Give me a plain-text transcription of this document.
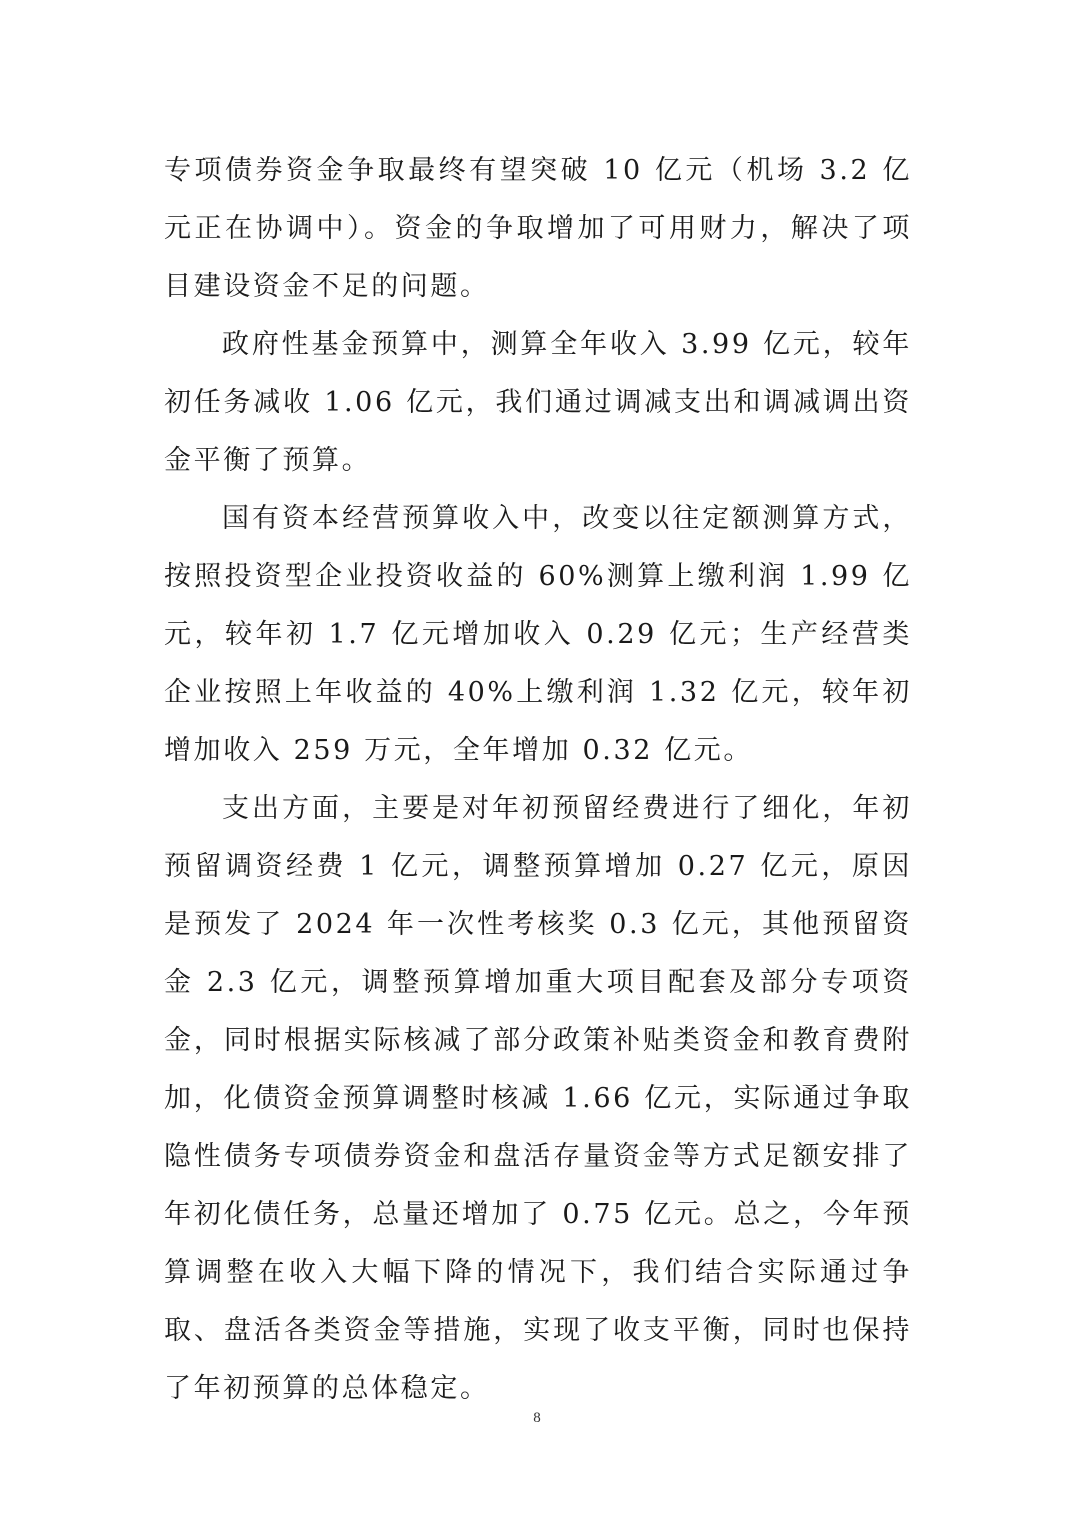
专项债券资金争取最终有望突破 10 亿元（机场 3.2 亿元正在协调中）。资金的争取增加了可用财力，解决了项目建设资金不足的问题。

政府性基金预算中，测算全年收入 3.99 亿元，较年初任务减收 1.06 亿元，我们通过调减支出和调减调出资金平衡了预算。

国有资本经营预算收入中，改变以往定额测算方式，按照投资型企业投资收益的 60%测算上缴利润 1.99 亿元，较年初 1.7 亿元增加收入 0.29 亿元；生产经营类企业按照上年收益的 40%上缴利润 1.32 亿元，较年初增加收入 259 万元，全年增加 0.32 亿元。

支出方面，主要是对年初预留经费进行了细化，年初预留调资经费 1 亿元，调整预算增加 0.27 亿元，原因是预发了 2024 年一次性考核奖 0.3 亿元，其他预留资金 2.3 亿元，调整预算增加重大项目配套及部分专项资金，同时根据实际核减了部分政策补贴类资金和教育费附加，化债资金预算调整时核减 1.66 亿元，实际通过争取隐性债务专项债券资金和盘活存量资金等方式足额安排了年初化债任务，总量还增加了 0.75 亿元。总之，今年预算调整在收入大幅下降的情况下，我们结合实际通过争取、盘活各类资金等措施，实现了收支平衡，同时也保持了年初预算的总体稳定。

8
